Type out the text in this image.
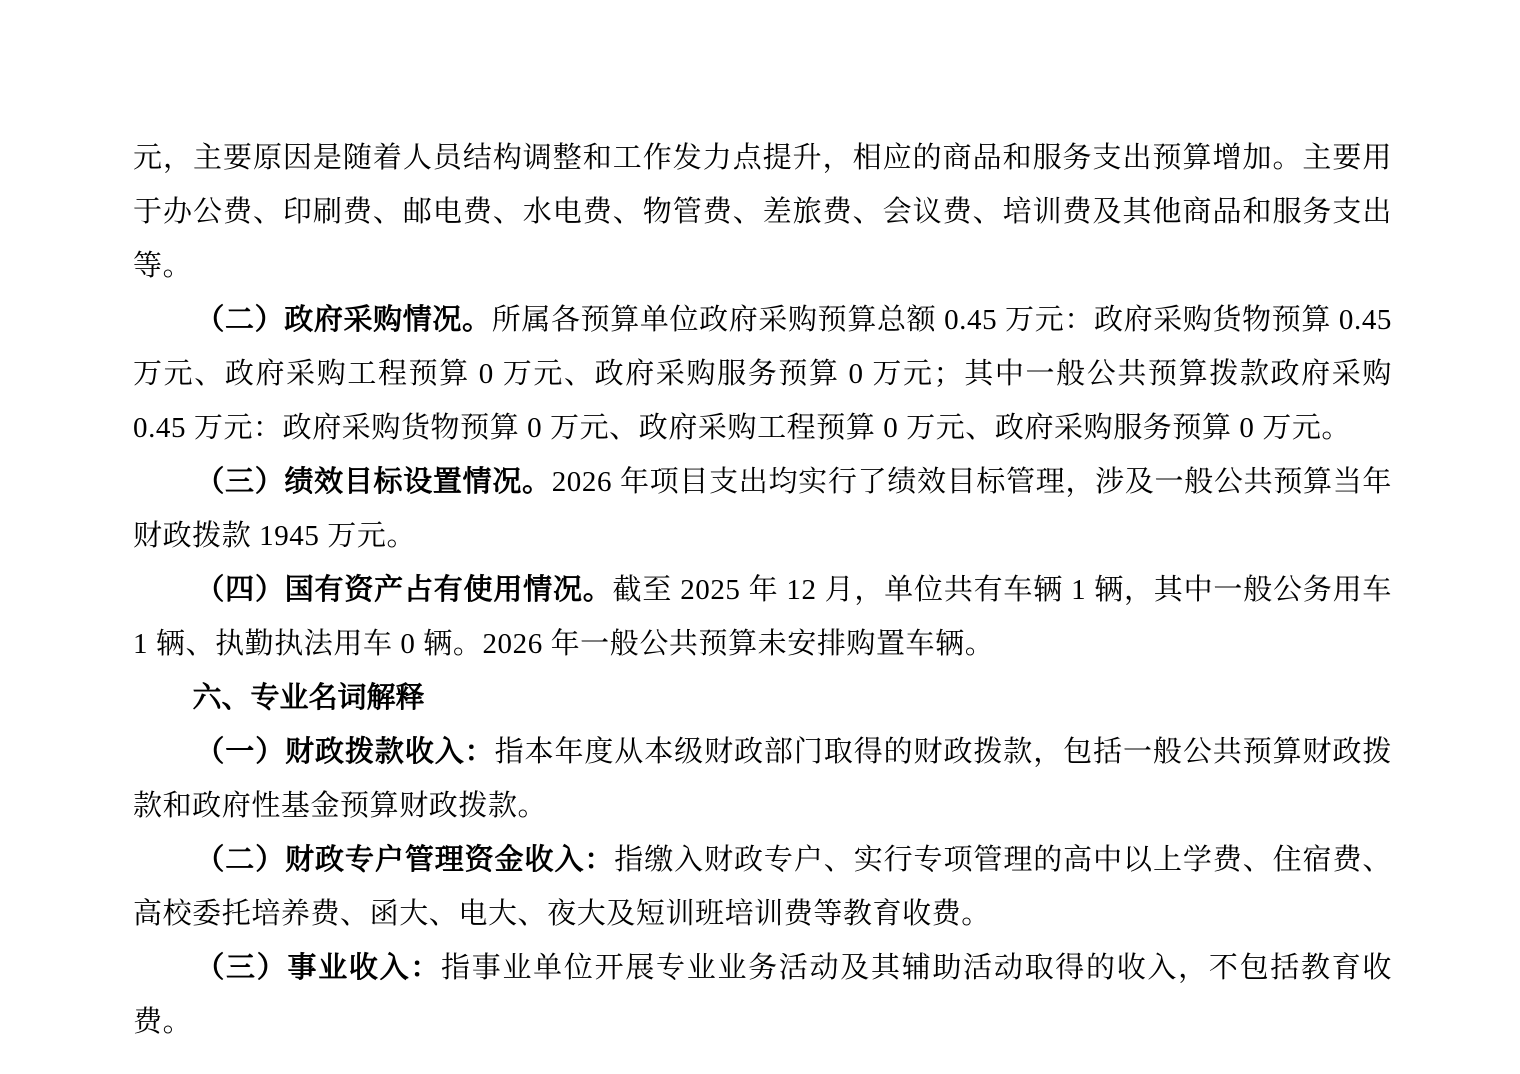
元，主要原因是随着人员结构调整和工作发力点提升，相应的商品和服务支出预算增加。主要用于办公费、印刷费、邮电费、水电费、物管费、差旅费、会议费、培训费及其他商品和服务支出等。

（二）政府采购情况。所属各预算单位政府采购预算总额 0.45 万元：政府采购货物预算 0.45 万元、政府采购工程预算 0 万元、政府采购服务预算 0 万元；其中一般公共预算拨款政府采购 0.45 万元：政府采购货物预算 0 万元、政府采购工程预算 0 万元、政府采购服务预算 0 万元。

（三）绩效目标设置情况。2026 年项目支出均实行了绩效目标管理，涉及一般公共预算当年财政拨款 1945 万元。

（四）国有资产占有使用情况。截至 2025 年 12 月，单位共有车辆 1 辆，其中一般公务用车 1 辆、执勤执法用车 0 辆。2026 年一般公共预算未安排购置车辆。

六、专业名词解释

（一）财政拨款收入：指本年度从本级财政部门取得的财政拨款，包括一般公共预算财政拨款和政府性基金预算财政拨款。

（二）财政专户管理资金收入：指缴入财政专户、实行专项管理的高中以上学费、住宿费、高校委托培养费、函大、电大、夜大及短训班培训费等教育收费。

（三）事业收入：指事业单位开展专业业务活动及其辅助活动取得的收入，不包括教育收费。
